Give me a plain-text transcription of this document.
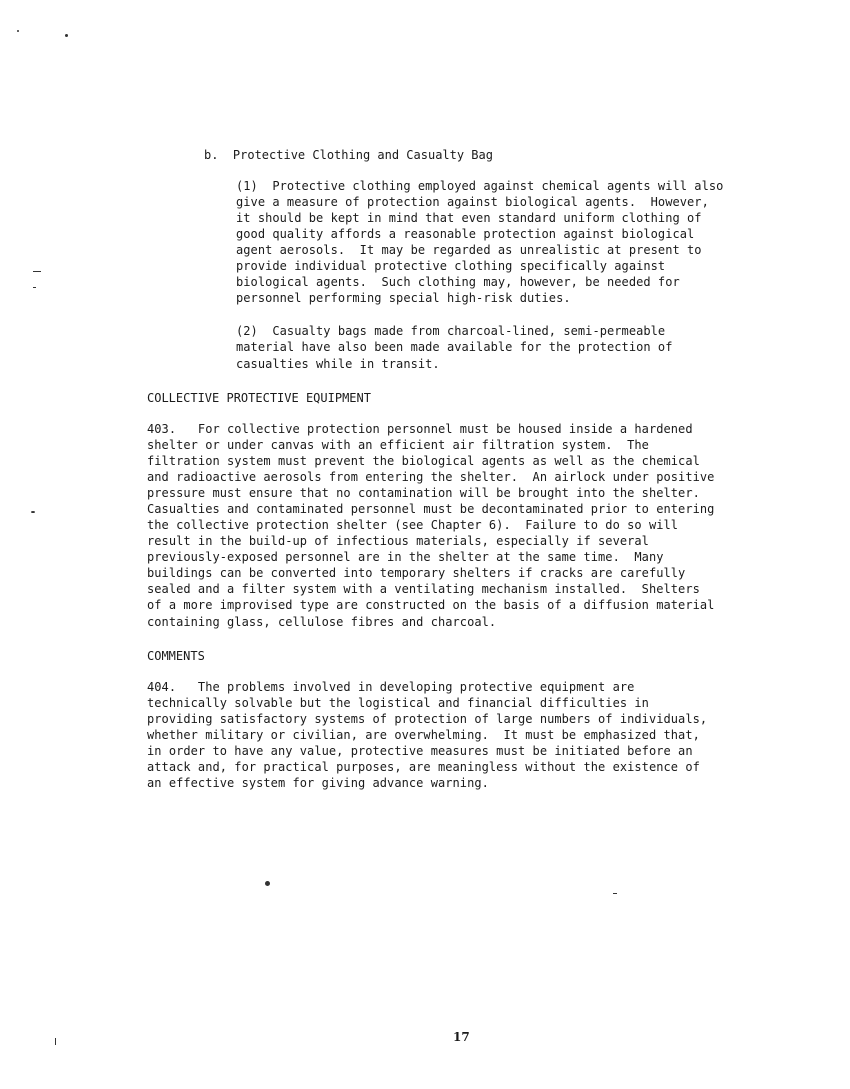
b.  Protective Clothing and Casualty Bag
(1)  Protective clothing employed against chemical agents will also
give a measure of protection against biological agents.  However,
it should be kept in mind that even standard uniform clothing of
good quality affords a reasonable protection against biological
agent aerosols.  It may be regarded as unrealistic at present to
provide individual protective clothing specifically against
biological agents.  Such clothing may, however, be needed for
personnel performing special high-risk duties.
(2)  Casualty bags made from charcoal-lined, semi-permeable
material have also been made available for the protection of
casualties while in transit.
COLLECTIVE PROTECTIVE EQUIPMENT
403.   For collective protection personnel must be housed inside a hardened
shelter or under canvas with an efficient air filtration system.  The
filtration system must prevent the biological agents as well as the chemical
and radioactive aerosols from entering the shelter.  An airlock under positive
pressure must ensure that no contamination will be brought into the shelter.
Casualties and contaminated personnel must be decontaminated prior to entering
the collective protection shelter (see Chapter 6).  Failure to do so will
result in the build-up of infectious materials, especially if several
previously-exposed personnel are in the shelter at the same time.  Many
buildings can be converted into temporary shelters if cracks are carefully
sealed and a filter system with a ventilating mechanism installed.  Shelters
of a more improvised type are constructed on the basis of a diffusion material
containing glass, cellulose fibres and charcoal.
COMMENTS
404.   The problems involved in developing protective equipment are
technically solvable but the logistical and financial difficulties in
providing satisfactory systems of protection of large numbers of individuals,
whether military or civilian, are overwhelming.  It must be emphasized that,
in order to have any value, protective measures must be initiated before an
attack and, for practical purposes, are meaningless without the existence of
an effective system for giving advance warning.
17
